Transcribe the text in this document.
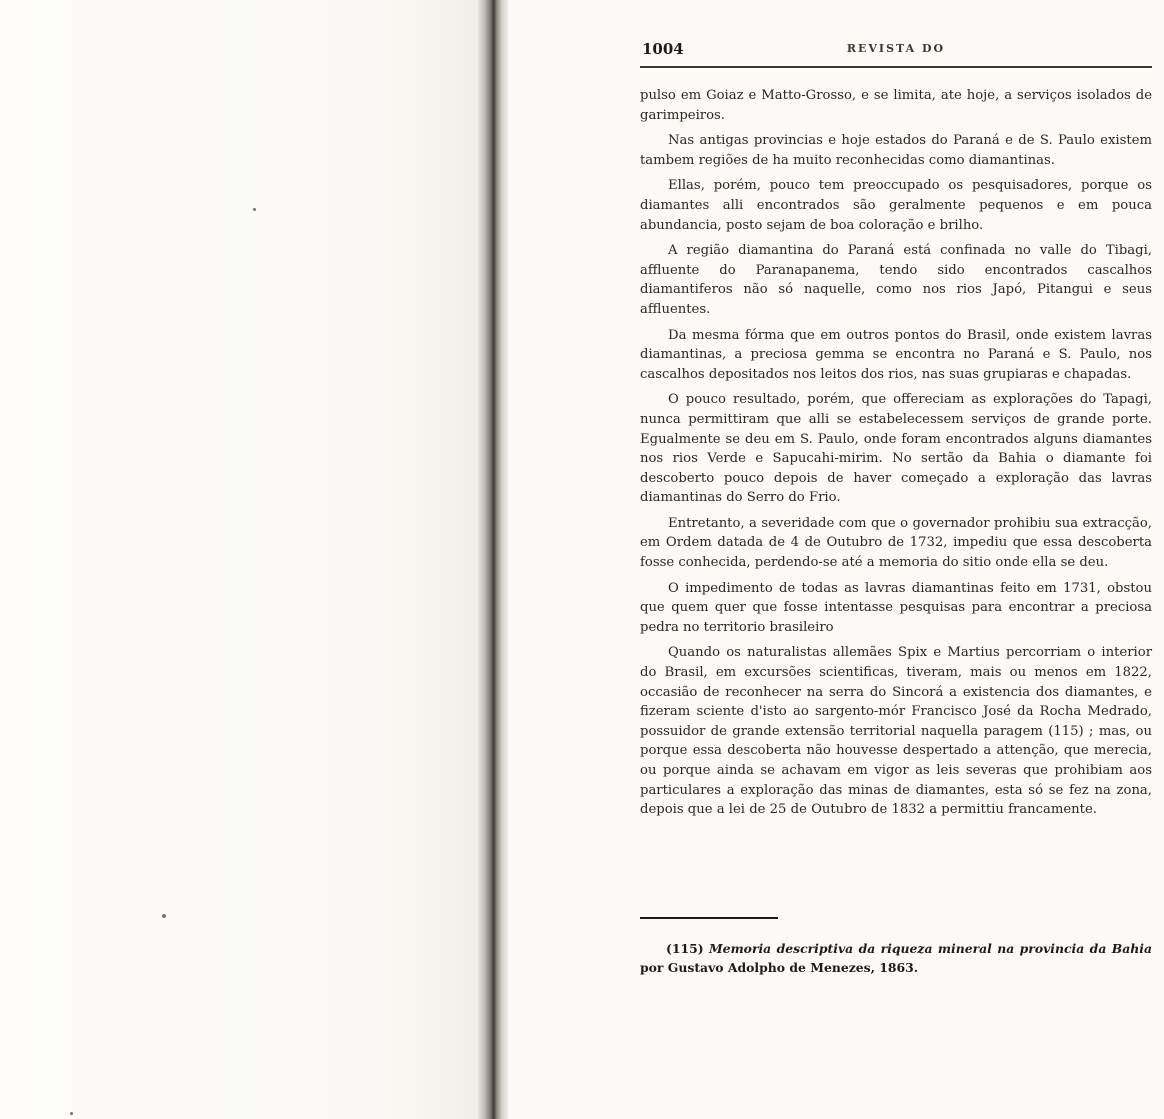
1004	REVISTA DO

pulso em Goiaz e Matto-Grosso, e se limita, ate hoje, a serviços isolados de garimpeiros.

Nas antigas provincias e hoje estados do Paraná e de S. Paulo existem tambem regiões de ha muito reconhecidas como diamantinas.

Ellas, porém, pouco tem preoccupado os pesquisadores, porque os diamantes alli encontrados são geralmente pequenos e em pouca abundancia, posto sejam de boa coloração e brilho.

A região diamantina do Paraná está confinada no valle do Tibagi, affluente do Paranapanema, tendo sido encontrados cascalhos diamantiferos não só naquelle, como nos rios Japó, Pitangui e seus affluentes.

Da mesma fórma que em outros pontos do Brasil, onde existem lavras diamantinas, a preciosa gemma se encontra no Paraná e S. Paulo, nos cascalhos depositados nos leitos dos rios, nas suas grupiaras e chapadas.

O pouco resultado, porém, que offereciam as explorações do Tapagi, nunca permittiram que alli se estabelecessem serviços de grande porte. Egualmente se deu em S. Paulo, onde foram encontrados alguns diamantes nos rios Verde e Sapucahi-mirim. No sertão da Bahia o diamante foi descoberto pouco depois de haver começado a exploração das lavras diamantinas do Serro do Frio.

Entretanto, a severidade com que o governador prohibiu sua extracção, em Ordem datada de 4 de Outubro de 1732, impediu que essa descoberta fosse conhecida, perdendo-se até a memoria do sitio onde ella se deu.

O impedimento de todas as lavras diamantinas feito em 1731, obstou que quem quer que fosse intentasse pesquisas para encontrar a preciosa pedra no territorio brasileiro

Quando os naturalistas allemães Spix e Martius percorriam o interior do Brasil, em excursões scientificas, tiveram, mais ou menos em 1822, occasião de reconhecer na serra do Sincorá a existencia dos diamantes, e fizeram sciente d'isto ao sargento-mór Francisco José da Rocha Medrado, possuidor de grande extensão territorial naquella paragem (115) ; mas, ou porque essa descoberta não houvesse despertado a attenção, que merecia, ou porque ainda se achavam em vigor as leis severas que prohibiam aos particulares a exploração das minas de diamantes, esta só se fez na zona, depois que a lei de 25 de Outubro de 1832 a permittiu francamente.

(115) Memoria descriptiva da riqueza mineral na provincia da Bahia por Gustavo Adolpho de Menezes, 1863.
